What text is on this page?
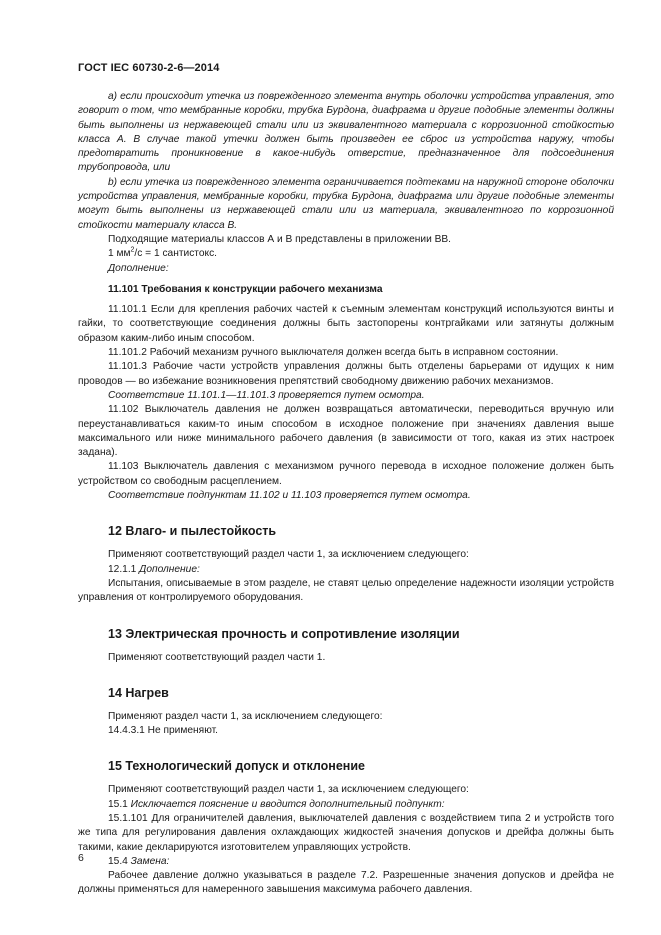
ГОСТ IEC 60730-2-6—2014

a) если происходит утечка из поврежденного элемента внутрь оболочки устройства управления, это говорит о том, что мембранные коробки, трубка Бурдона, диафрагма и другие подобные элементы должны быть выполнены из нержавеющей стали или из эквивалентного материала с коррозионной стойкостью класса А. В случае такой утечки должен быть произведен ее сброс из устройства наружу, чтобы предотвратить проникновение в какое-нибудь отверстие, предназначенное для подсоединения трубопровода, или

b) если утечка из поврежденного элемента ограничивается подтеками на наружной стороне оболочки устройства управления, мембранные коробки, трубка Бурдона, диафрагма или другие подобные элементы могут быть выполнены из нержавеющей стали или из материала, эквивалентного по коррозионной стойкости материалу класса В.

Подходящие материалы классов А и В представлены в приложении ВВ.

1 $мм^2/с = 1$ сантистокс.

Дополнение:

11.101 Требования к конструкции рабочего механизма

11.101.1 Если для крепления рабочих частей к съемным элементам конструкций используются винты и гайки, то соответствующие соединения должны быть застопорены контргайками или затянуты должным образом каким-либо иным способом.

11.101.2 Рабочий механизм ручного выключателя должен всегда быть в исправном состоянии.

11.101.3 Рабочие части устройств управления должны быть отделены барьерами от идущих к ним проводов — во избежание возникновения препятствий свободному движению рабочих механизмов.

Соответствие 11.101.1—11.101.3 проверяется путем осмотра.

11.102 Выключатель давления не должен возвращаться автоматически, переводиться вручную или переустанавливаться каким-то иным способом в исходное положение при значениях давления выше максимального или ниже минимального рабочего давления (в зависимости от того, какая из этих настроек задана).

11.103 Выключатель давления с механизмом ручного перевода в исходное положение должен быть устройством со свободным расцеплением.

Соответствие подпунктам 11.102 и 11.103 проверяется путем осмотра.

12 Влаго- и пылестойкость

Применяют соответствующий раздел части 1, за исключением следующего:

12.1.1 Дополнение:

Испытания, описываемые в этом разделе, не ставят целью определение надежности изоляции устройств управления от контролируемого оборудования.

13 Электрическая прочность и сопротивление изоляции

Применяют соответствующий раздел части 1.

14 Нагрев

Применяют раздел части 1, за исключением следующего:

14.4.3.1 Не применяют.

15 Технологический допуск и отклонение

Применяют соответствующий раздел части 1, за исключением следующего:

15.1 Исключается пояснение и вводится дополнительный подпункт:

15.1.101 Для ограничителей давления, выключателей давления с воздействием типа 2 и устройств того же типа для регулирования давления охлаждающих жидкостей значения допусков и дрейфа должны быть такими, какие декларируются изготовителем управляющих устройств.

15.4 Замена:

Рабочее давление должно указываться в разделе 7.2. Разрешенные значения допусков и дрейфа не должны применяться для намеренного завышения максимума рабочего давления.

6
